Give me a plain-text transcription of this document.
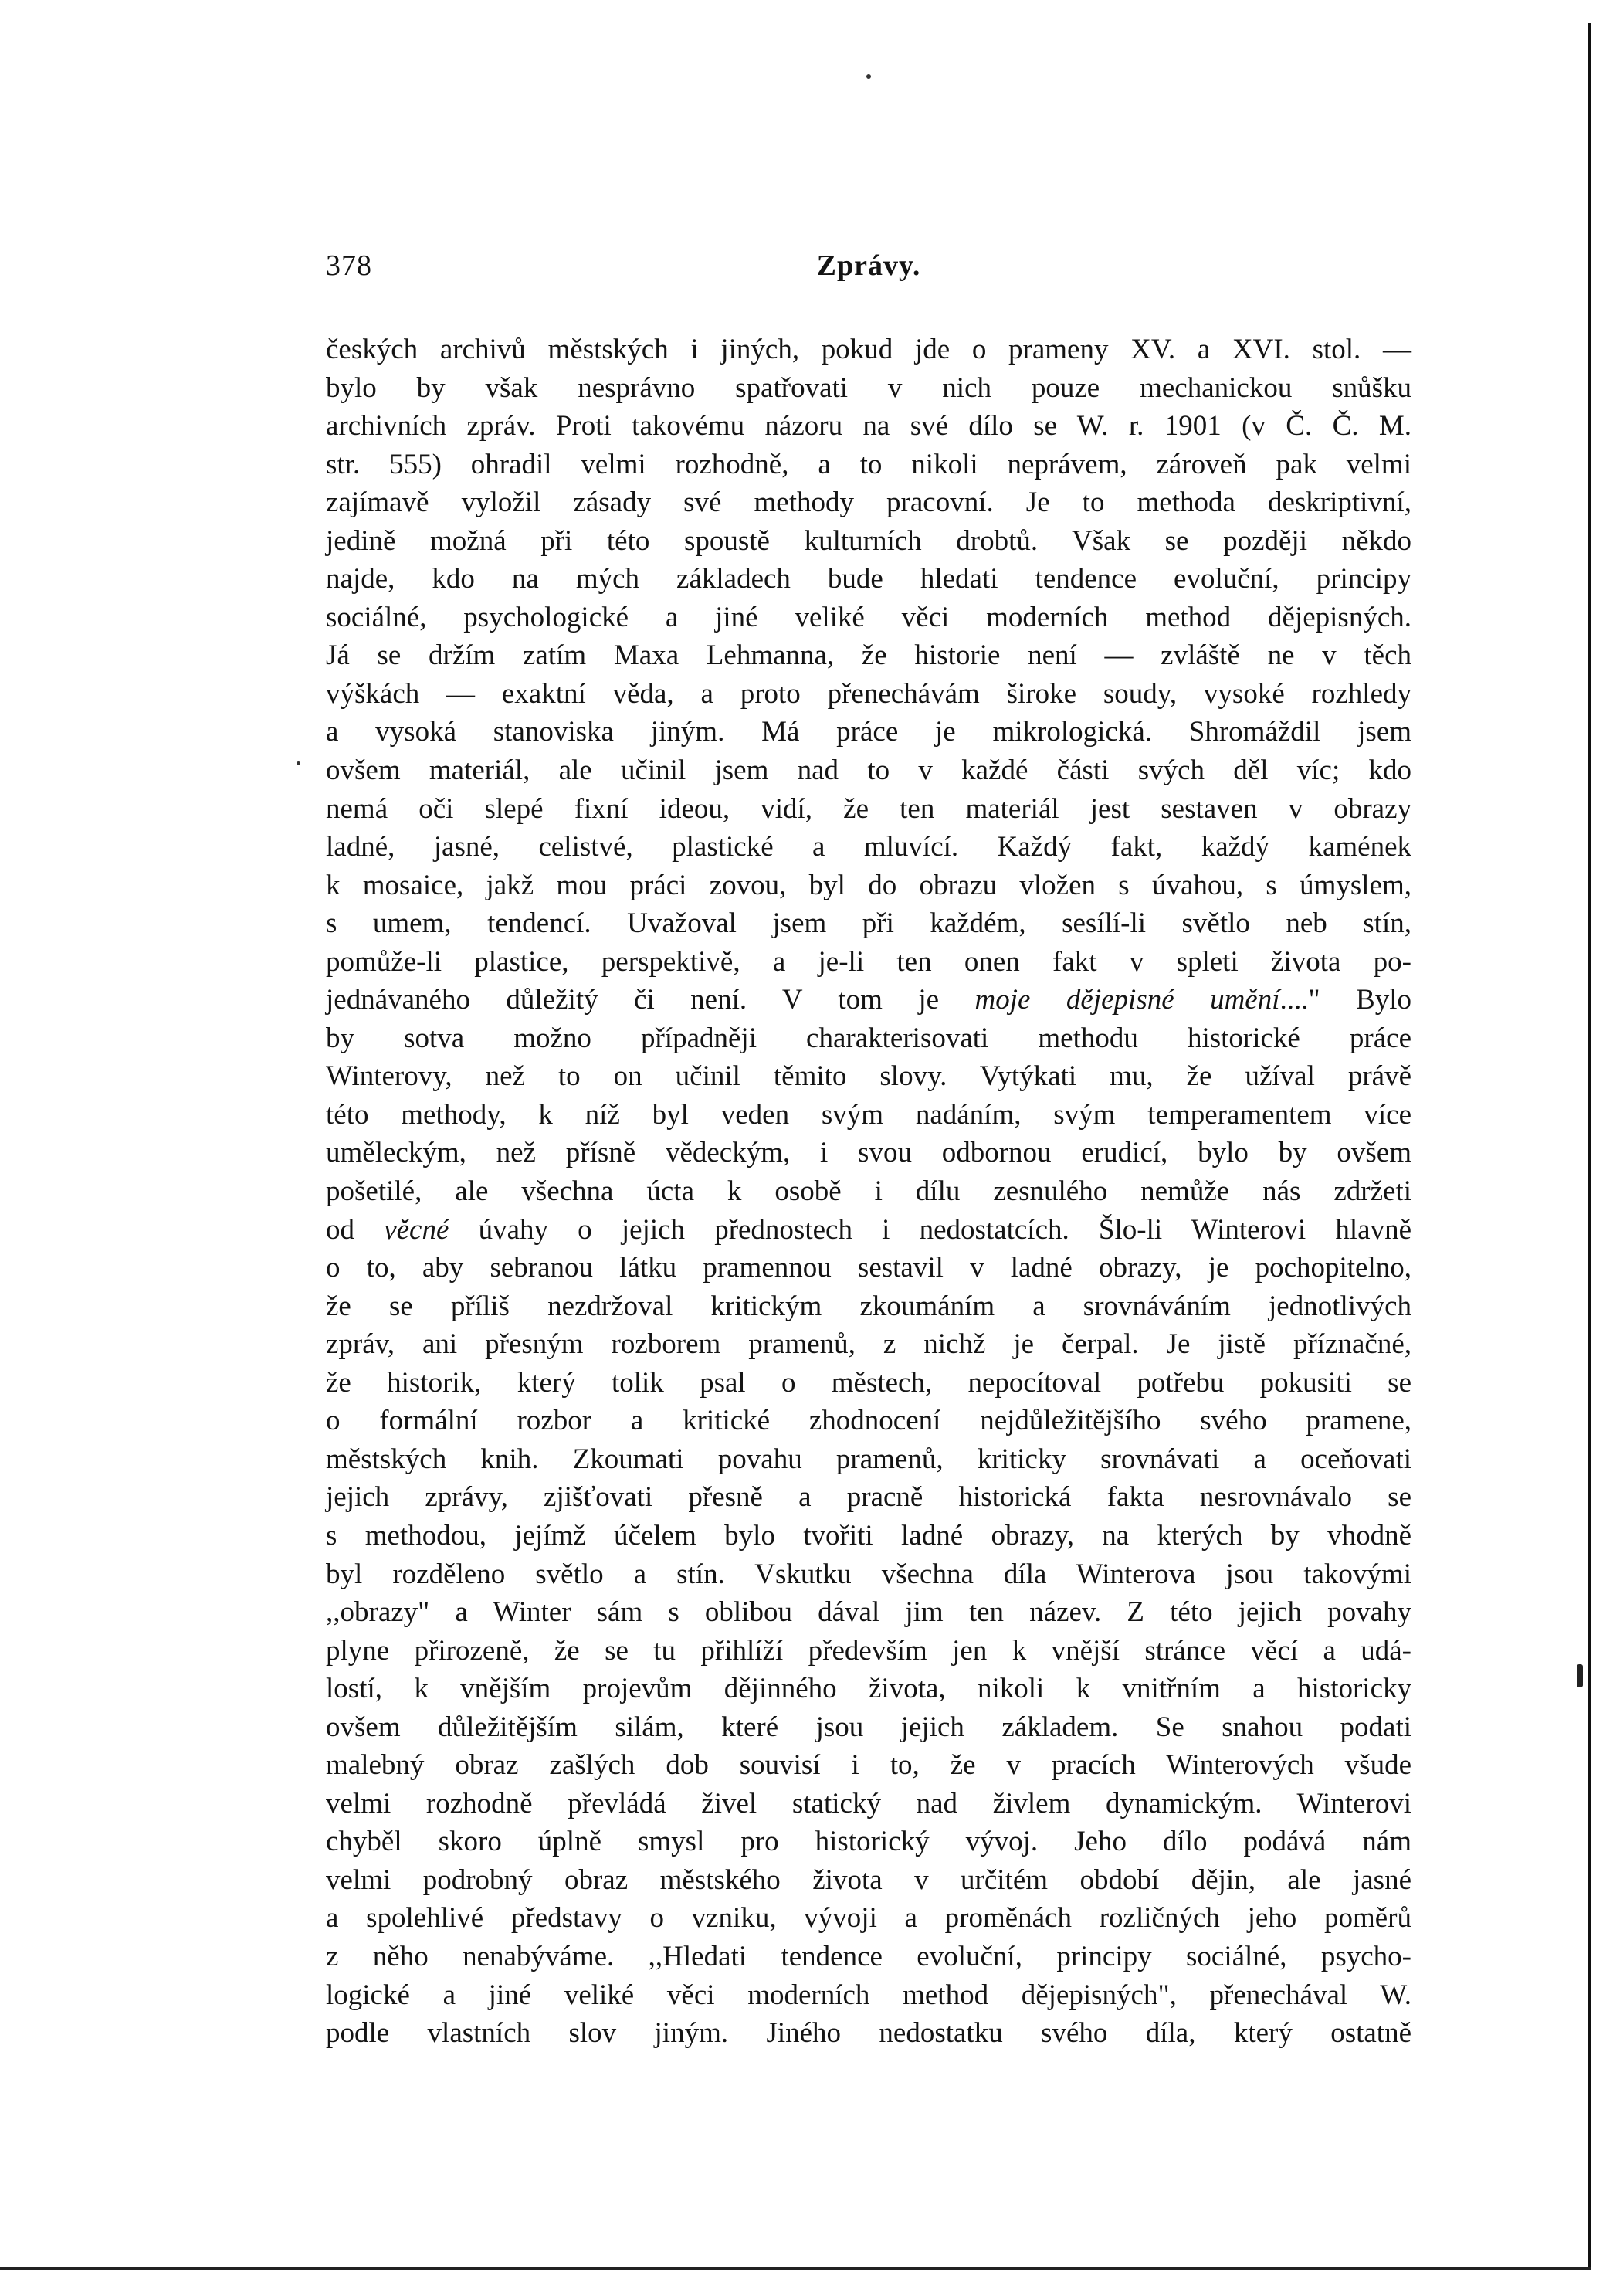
378	Zprávy.
českých archivů městských i jiných, pokud jde o prameny XV. a XVI. stol. —
bylo by však nesprávno spatřovati v nich pouze mechanickou snůšku
archivních zpráv. Proti takovému názoru na své dílo se W. r. 1901 (v Č. Č. M.
str. 555) ohradil velmi rozhodně, a to nikoli neprávem, zároveň pak velmi
zajímavě vyložil zásady své methody pracovní. Je to methoda deskriptivní,
jedině možná při této spoustě kulturních drobtů. Však se později někdo
najde, kdo na mých základech bude hledati tendence evoluční, principy
sociálné, psychologické a jiné veliké věci moderních method dějepisných.
Já se držím zatím Maxa Lehmanna, že historie není — zvláště ne v těch
výškách — exaktní věda, a proto přenechávám široke soudy, vysoké rozhledy
a vysoká stanoviska jiným. Má práce je mikrologická. Shromáždil jsem
ovšem materiál, ale učinil jsem nad to v každé části svých děl víc; kdo
nemá oči slepé fixní ideou, vidí, že ten materiál jest sestaven v obrazy
ladné, jasné, celistvé, plastické a mluvící. Každý fakt, každý kamének
k mosaice, jakž mou práci zovou, byl do obrazu vložen s úvahou, s úmyslem,
s umem, tendencí. Uvažoval jsem při každém, sesílí-li světlo neb stín,
pomůže-li plastice, perspektivě, a je-li ten onen fakt v spleti života po-
jednávaného důležitý či není. V tom je moje dějepisné umění...." Bylo
by sotva možno případněji charakterisovati methodu historické práce
Winterovy, než to on učinil těmito slovy. Vytýkati mu, že užíval právě
této methody, k níž byl veden svým nadáním, svým temperamentem více
uměleckým, než přísně vědeckým, i svou odbornou erudicí, bylo by ovšem
pošetilé, ale všechna úcta k osobě i dílu zesnulého nemůže nás zdržeti
od věcné úvahy o jejich přednostech i nedostatcích. Šlo-li Winterovi hlavně
o to, aby sebranou látku pramennou sestavil v ladné obrazy, je pochopitelno,
že se příliš nezdržoval kritickým zkoumáním a srovnáváním jednotlivých
zpráv, ani přesným rozborem pramenů, z nichž je čerpal. Je jistě příznačné,
že historik, který tolik psal o městech, nepocítoval potřebu pokusiti se
o formální rozbor a kritické zhodnocení nejdůležitějšího svého pramene,
městských knih. Zkoumati povahu pramenů, kriticky srovnávati a oceňovati
jejich zprávy, zjišťovati přesně a pracně historická fakta nesrovnávalo se
s methodou, jejímž účelem bylo tvořiti ladné obrazy, na kterých by vhodně
byl rozděleno světlo a stín. Vskutku všechna díla Winterova jsou takovými
,,obrazy" a Winter sám s oblibou dával jim ten název. Z této jejich povahy
plyne přirozeně, že se tu přihlíží především jen k vnější stránce věcí a udá-
lostí, k vnějším projevům dějinného života, nikoli k vnitřním a historicky
ovšem důležitějším silám, které jsou jejich základem. Se snahou podati
malebný obraz zašlých dob souvisí i to, že v pracích Winterových všude
velmi rozhodně převládá živel statický nad živlem dynamickým. Winterovi
chyběl skoro úplně smysl pro historický vývoj. Jeho dílo podává nám
velmi podrobný obraz městského života v určitém období dějin, ale jasné
a spolehlivé představy o vzniku, vývoji a proměnách rozličných jeho poměrů
z něho nenabýváme. ,,Hledati tendence evoluční, principy sociálné, psycho-
logické a jiné veliké věci moderních method dějepisných", přenechával W.
podle vlastních slov jiným. Jiného nedostatku svého díla, který ostatně
